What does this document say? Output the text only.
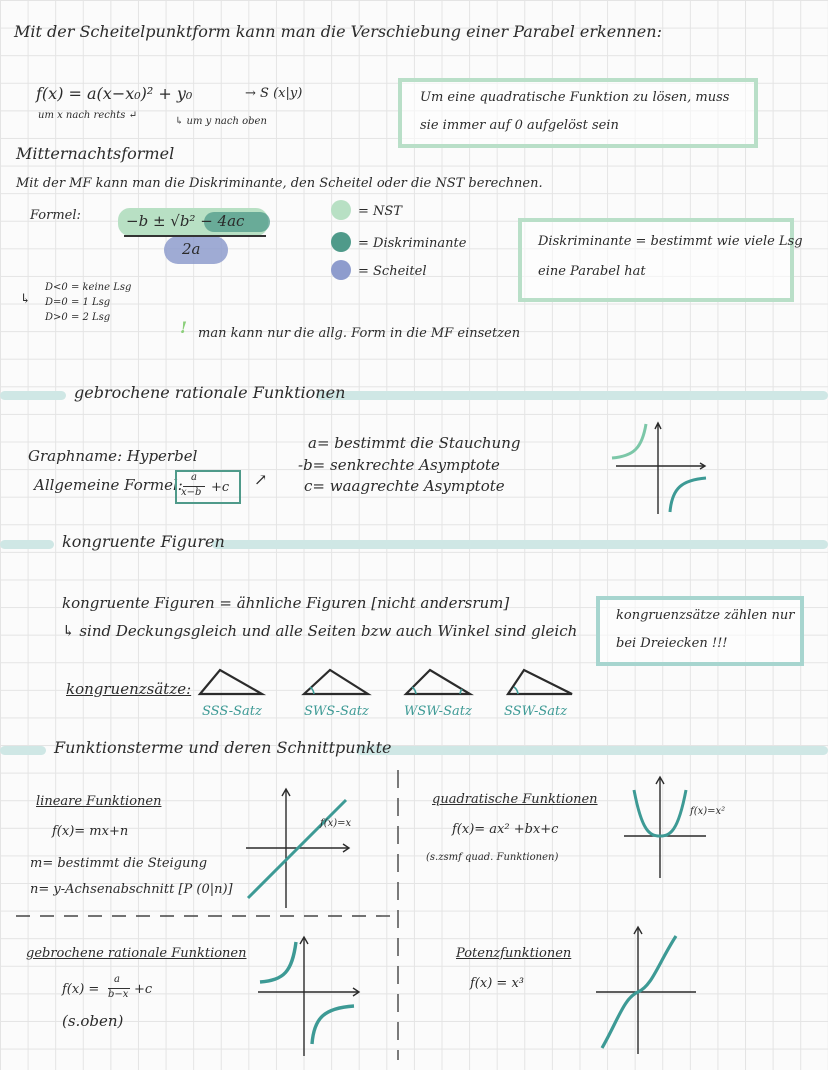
Mit der Scheitelpunktform kann man die Verschiebung einer Parabel erkennen:
f(x) = a(x−x₀)² + y₀	→ S (x|y)
um x nach rechts ↵
↳ um y nach oben
Um eine quadratische Funktion zu lösen, muss
sie immer auf 0 aufgelöst sein
Mitternachtsformel
Mit der MF kann man die Diskriminante, den Scheitel oder die NST berechnen.
Formel:	−b ± √b² − 4ac
2a
= NST
= Diskriminante
= Scheitel
Diskriminante = bestimmt wie viele Lsg
eine Parabel hat
D<0 = keine Lsg
↳ D=0 = 1 Lsg
D>0 = 2 Lsg
! man kann nur die allg. Form in die MF einsetzen
gebrochene rationale Funktionen
Graphname: Hyperbel
Allgemeine Formel: a
x−b +c ↗
a= bestimmt die Stauchung
-b= senkrechte Asymptote
c= waagrechte Asymptote
kongruente Figuren
kongruente Figuren = ähnliche Figuren [nicht andersrum]
↳ sind Deckungsgleich und alle Seiten bzw auch Winkel sind gleich
kongruenzsätze zählen nur
bei Dreiecken !!!
kongruenzsätze:
SSS-Satz	SWS-Satz	WSW-Satz SSW-Satz
Funktionsterme und deren Schnittpunkte
lineare Funktionen
f(x)= mx+n
m= bestimmt die Steigung
n= y-Achsenabschnitt [P (0|n)]
f(x)=x
quadratische Funktionen
f(x)= ax² +bx+c
(s.zsmf quad. Funktionen)
f(x)=x²
gebrochene rationale Funktionen
f(x) =
a
b−x +c
(s.oben)
Potenzfunktionen
f(x) = x³
